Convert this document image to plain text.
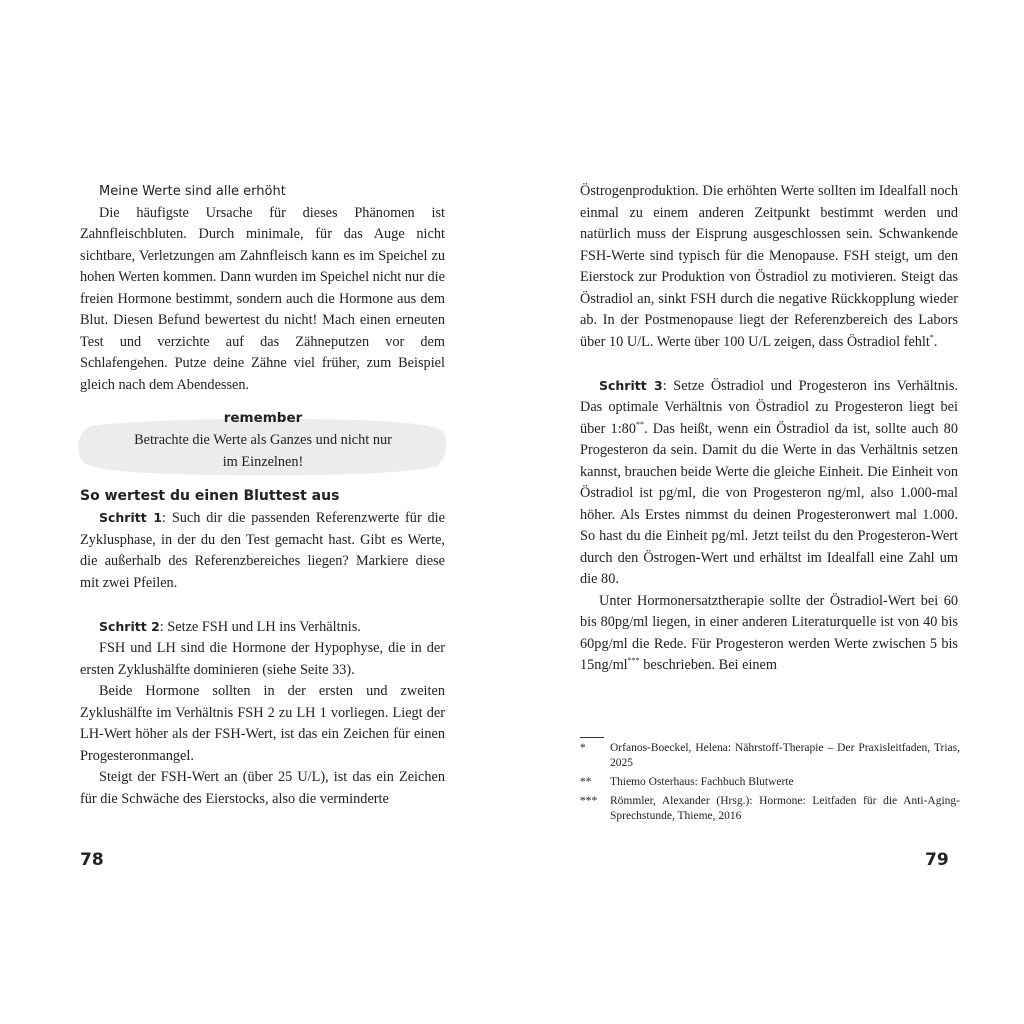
Meine Werte sind alle erhöht

Die häufigste Ursache für dieses Phänomen ist Zahnfleischbluten. Durch minimale, für das Auge nicht sichtbare, Verletzungen am Zahnfleisch kann es im Speichel zu hohen Werten kommen. Dann wurden im Speichel nicht nur die freien Hormone bestimmt, sondern auch die Hormone aus dem Blut. Diesen Befund bewertest du nicht! Mach einen erneuten Test und verzichte auf das Zähneputzen vor dem Schlafengehen. Putze deine Zähne viel früher, zum Beispiel gleich nach dem Abendessen.

remember
Betrachte die Werte als Ganzes und nicht nur
im Einzelnen!
So wertest du einen Bluttest aus

Schritt 1: Such dir die passenden Referenzwerte für die Zyklusphase, in der du den Test gemacht hast. Gibt es Werte, die außerhalb des Referenzbereiches liegen? Markiere diese mit zwei Pfeilen.

Schritt 2: Setze FSH und LH ins Verhältnis.

FSH und LH sind die Hormone der Hypophyse, die in der ersten Zyklushälfte dominieren (siehe Seite 33).

Beide Hormone sollten in der ersten und zweiten Zyklushälfte im Verhältnis FSH 2 zu LH 1 vorliegen. Liegt der LH-Wert höher als der FSH-Wert, ist das ein Zeichen für einen Progesteronmangel.

Steigt der FSH-Wert an (über 25 U/L), ist das ein Zeichen für die Schwäche des Eierstocks, also die verminderte

78

Östrogenproduktion. Die erhöhten Werte sollten im Idealfall noch einmal zu einem anderen Zeitpunkt bestimmt werden und natürlich muss der Eisprung ausgeschlossen sein. Schwankende FSH-Werte sind typisch für die Menopause. FSH steigt, um den Eierstock zur Produktion von Östradiol zu motivieren. Steigt das Östradiol an, sinkt FSH durch die negative Rückkopplung wieder ab. In der Postmenopause liegt der Referenzbereich des Labors über 10 U/L. Werte über 100 U/L zeigen, dass Östradiol fehlt*.

Schritt 3: Setze Östradiol und Progesteron ins Verhältnis. Das optimale Verhältnis von Östradiol zu Progesteron liegt bei über 1:80**. Das heißt, wenn ein Östradiol da ist, sollte auch 80 Progesteron da sein. Damit du die Werte in das Verhältnis setzen kannst, brauchen beide Werte die gleiche Einheit. Die Einheit von Östradiol ist pg/ml, die von Progesteron ng/ml, also 1.000-mal höher. Als Erstes nimmst du deinen Progesteronwert mal 1.000. So hast du die Einheit pg/ml. Jetzt teilst du den Progesteron-Wert durch den Östrogen-Wert und erhältst im Idealfall eine Zahl um die 80.

Unter Hormonersatztherapie sollte der Östradiol-Wert bei 60 bis 80pg/ml liegen, in einer anderen Literaturquelle ist von 40 bis 60pg/ml die Rede. Für Progesteron werden Werte zwischen 5 bis 15ng/ml*** beschrieben. Bei einem

*	Orfanos-Boeckel, Helena: Nährstoff-Therapie – Der Praxisleitfaden, Trias, 2025
**	Thiemo Osterhaus: Fachbuch Blutwerte
***	Römmler, Alexander (Hrsg.): Hormone: Leitfaden für die Anti-Aging-Sprechstunde, Thieme, 2016
79
